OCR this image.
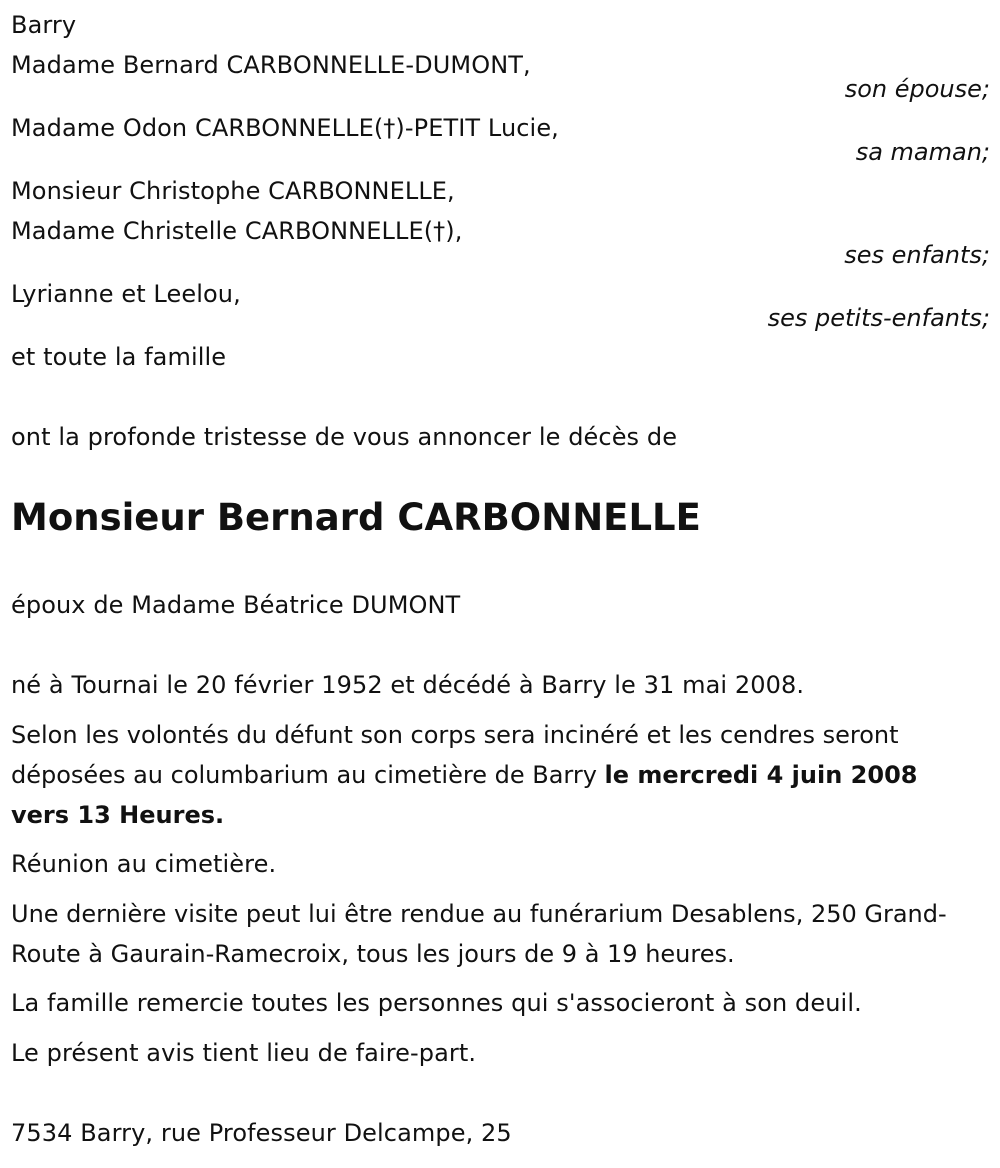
Barry
Madame Bernard CARBONNELLE-DUMONT,
son épouse;
Madame Odon CARBONNELLE(†)-PETIT Lucie,
sa maman;
Monsieur Christophe CARBONNELLE,
Madame Christelle CARBONNELLE(†),
ses enfants;
Lyrianne et Leelou,
ses petits-enfants;
et toute la famille
ont la profonde tristesse de vous annoncer le décès de
Monsieur Bernard CARBONNELLE
époux de Madame Béatrice DUMONT
né à Tournai le 20 février 1952 et décédé à Barry le 31 mai 2008.
Selon les volontés du défunt son corps sera incinéré et les cendres seront déposées au columbarium au cimetière de Barry le mercredi 4 juin 2008 vers 13 Heures.
Réunion au cimetière.
Une dernière visite peut lui être rendue au funérarium Desablens, 250 Grand-Route à Gaurain-Ramecroix, tous les jours de 9 à 19 heures.
La famille remercie toutes les personnes qui s'associeront à son deuil.
Le présent avis tient lieu de faire-part.
7534 Barry, rue Professeur Delcampe, 25
